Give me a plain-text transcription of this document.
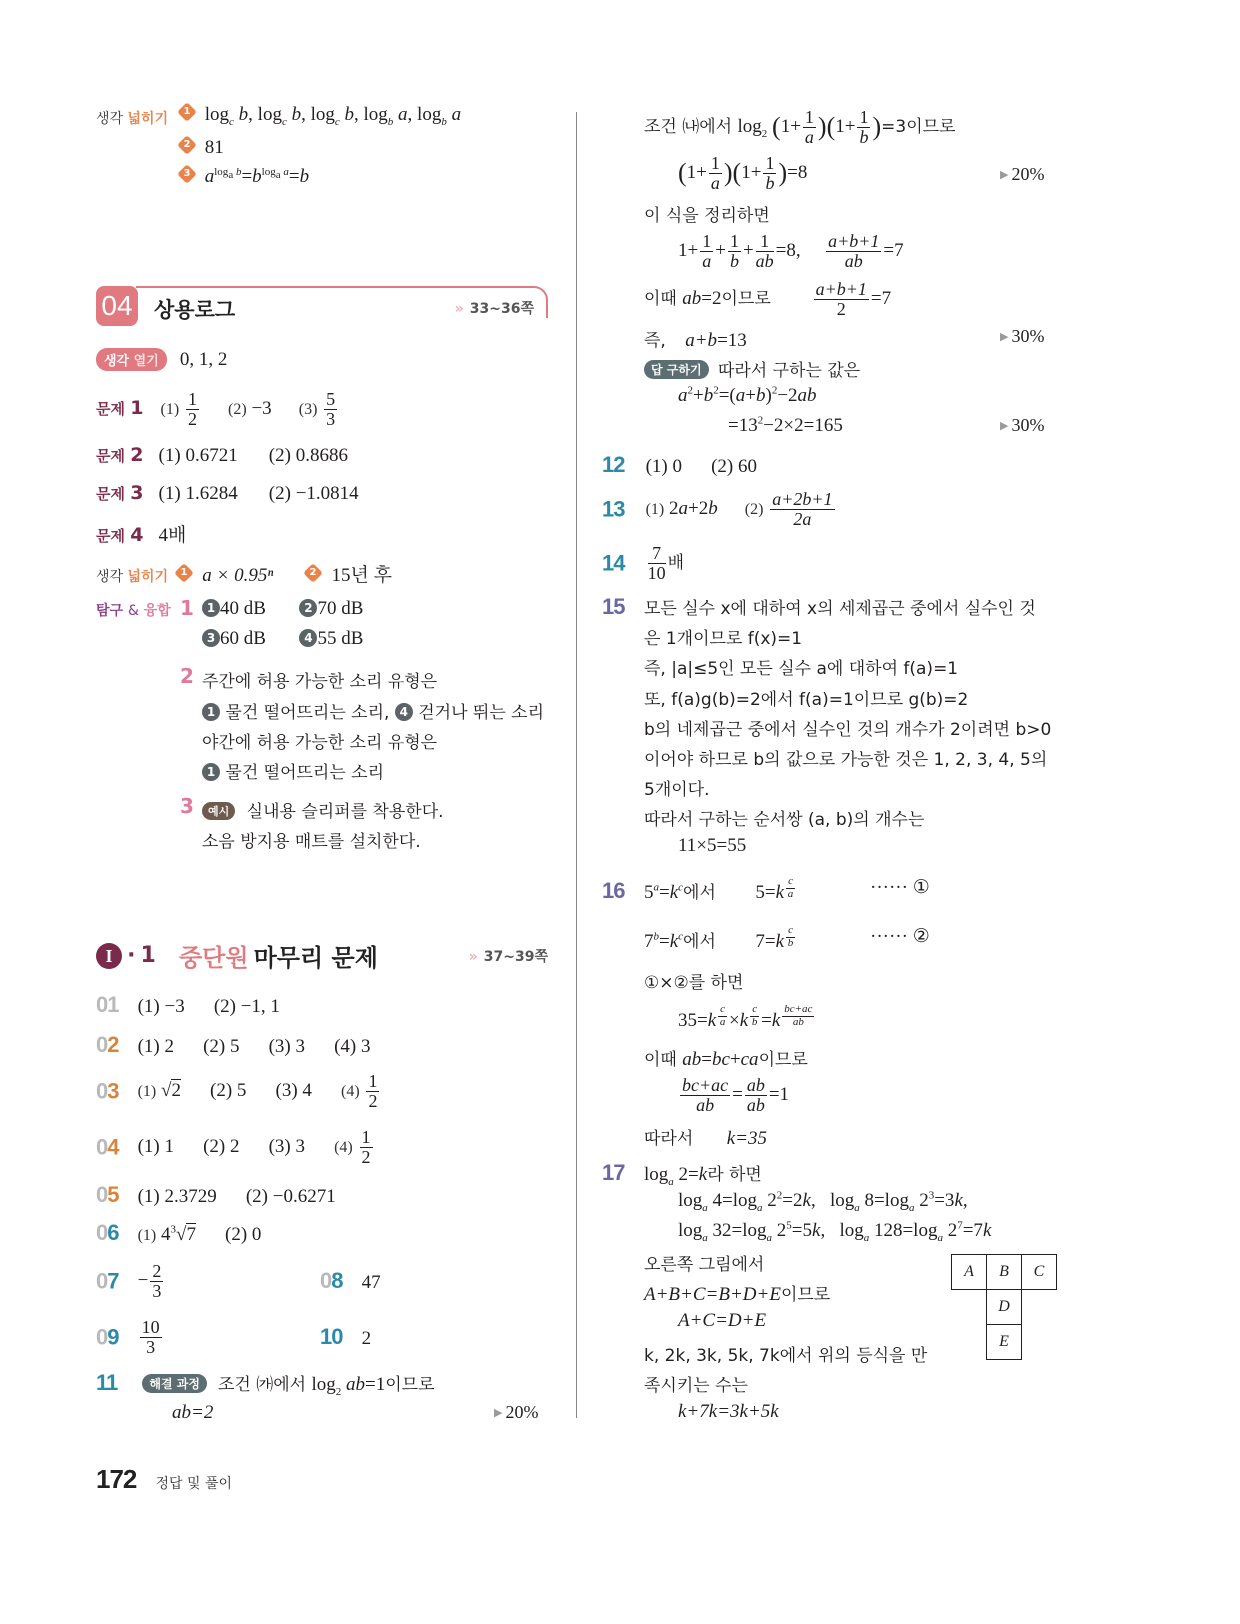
생각 넓히기	1 $\log_c b$, $\log_c b$, $\log_c b$, $\log_b a$, $\log_b a$
2 81
3 $a^{log_a b}=b^{log_a a}=b$
04 상용로그	» 33~36쪽
생각 열기 0, 1, 2
문제 1 $(1) \frac{1}{2} (2) -3$ $(3) \frac{5}{3}$
문제 2 (1) 0.6721 (2) 0.8686
문제 3 (1) 1.6284 (2) −1.0814
문제 4 4배
생각 넓히기	1 a × 0.95ⁿ	2 15년 후
탐구 & 융합 1	1 40 dB	2 70 dB
3 60 dB	4 55 dB
2 주간에 허용 가능한 소리 유형은
1 물건 떨어뜨리는 소리, 4 걷거나 뛰는 소리
야간에 허용 가능한 소리 유형은
1 물건 떨어뜨리는 소리
3	예시 실내용 슬리퍼를 착용한다.
소음 방지용 매트를 설치한다.
I · 1 중단원 마무리 문제	» 37~39쪽
01 (1) −3 (2) −1, 1
02 (1) 2 (2) 5 (3) 3 (4) 3
03 (1) √2 (2) 5 (3) 4 $(4) \frac{1}{2}$
04 (1) 1 (2) 2 (3) 3 $(4) \frac{1}{2}$
05 (1) 2.3729 (2) −0.6271
06 (1) $4^3√7$ (2) 0
$07 - \frac{2}{3}$	08 47
$09 \frac{10}{3}$	10 2
11	해결 과정 조건 ㈎에서 $\log_2 ab=1$이므로
ab=2	▶ 20%
조건 ㈏에서 $\log_2 (1+ \frac{1}{a} )(1+ \frac{1}{b} )=3$이므로
$(1+ \frac{1}{a} )(1+ \frac{1}{b} )=8$	▶ 20%
이 식을 정리하면
$1+ \frac{1}{a} + \frac{1}{b} + \frac{1}{ab} =8$, $\frac{a+b+1}{ab} =7$
이때 ab=2이므로 $\frac{a+b+1}{2} =7$
즉, a+b=13	▶ 30%
답 구하기 따라서 구하는 값은
$a^2+b^2=(a+b)^2-2ab$
$=13^2-2\times 2=165$	▶ 30%
12 (1) 0 (2) 60
13 (1) 2a+2b $(2) \frac{a+2b+1}{2a}$
$14 \frac{7}{10}$ 배
15 모든 실수 x에 대하여 x의 세제곱근 중에서 실수인 것
은 1개이므로 f(x)=1
즉, |a|≤5인 모든 실수 a에 대하여 f(a)=1
또, f(a)g(b)=2에서 f(a)=1이므로 g(b)=2
b의 네제곱근 중에서 실수인 것의 개수가 2이려면 b>0
이어야 하므로 b의 값으로 가능한 것은 1, 2, 3, 4, 5의
5개이다.
따라서 구하는 순서쌍 (a, b)의 개수는
11×5=55
16 $5^a=k^c$에서  5=k $^{\frac{c}{a}}$	······ ①
$7^b=k^c$에서  7=k $^{\frac{c}{b}}$	······ ②
①×②를 하면
35=k $^{\frac{c}{a}}$ ×k $^{\frac{c}{b}}$ =k $^{\frac{bc+ac}{ab}}$
이때 ab=bc+ca이므로
$\frac{bc+ac}{ab} = \frac{ab}{ab} =1$
따라서 k=35
17 $\log_a 2=k$라 하면
$\log_a 4=\log_a$ $2^2=2k$,   $\log_a 8=\log_a$ $2^3=3k$,
$\log_a 32=\log_a$ $2^5=5k$,   $\log_a 128=\log_a$ $2^7=7k$
오른쪽 그림에서
A+B+C=B+D+E이므로
A+C=D+E
k, 2k, 3k, 5k, 7k에서 위의 등식을 만
족시키는 수는
k+7k=3k+5k
A	B	C
D
E
172 정답 및 풀이
